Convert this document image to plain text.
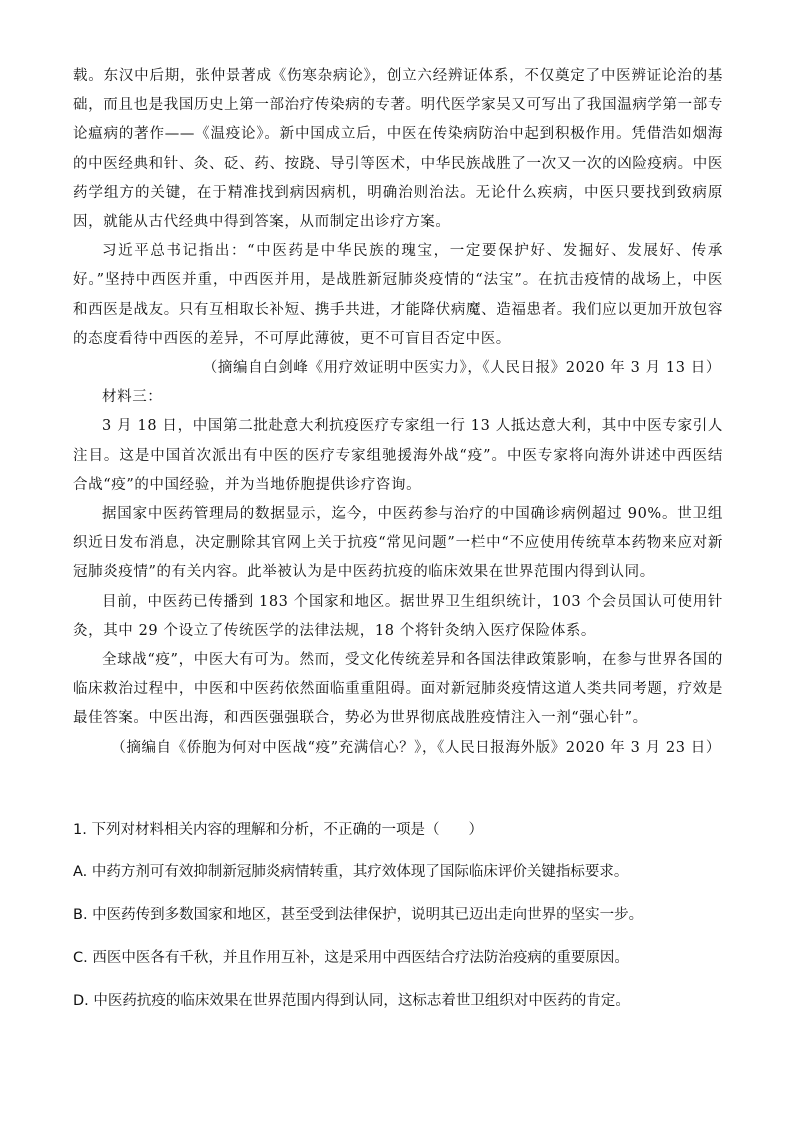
载。东汉中后期，张仲景著成《伤寒杂病论》，创立六经辨证体系，不仅奠定了中医辨证论治的基础，而且也是我国历史上第一部治疗传染病的专著。明代医学家吴又可写出了我国温病学第一部专论瘟病的著作——《温疫论》。新中国成立后，中医在传染病防治中起到积极作用。凭借浩如烟海的中医经典和针、灸、砭、药、按跷、导引等医术，中华民族战胜了一次又一次的凶险疫病。中医药学组方的关键，在于精准找到病因病机，明确治则治法。无论什么疾病，中医只要找到致病原因，就能从古代经典中得到答案，从而制定出诊疗方案。

习近平总书记指出：“中医药是中华民族的瑰宝，一定要保护好、发掘好、发展好、传承好。”坚持中西医并重，中西医并用，是战胜新冠肺炎疫情的“法宝”。在抗击疫情的战场上，中医和西医是战友。只有互相取长补短、携手共进，才能降伏病魔、造福患者。我们应以更加开放包容的态度看待中西医的差异，不可厚此薄彼，更不可盲目否定中医。

（摘编自白剑峰《用疗效证明中医实力》，《人民日报》2020 年 3 月 13 日）

材料三：

3 月 18 日，中国第二批赴意大利抗疫医疗专家组一行 13 人抵达意大利，其中中医专家引人注目。这是中国首次派出有中医的医疗专家组驰援海外战“疫”。中医专家将向海外讲述中西医结合战“疫”的中国经验，并为当地侨胞提供诊疗咨询。

据国家中医药管理局的数据显示，迄今，中医药参与治疗的中国确诊病例超过 90%。世卫组织近日发布消息，决定删除其官网上关于抗疫“常见问题”一栏中“不应使用传统草本药物来应对新冠肺炎疫情”的有关内容。此举被认为是中医药抗疫的临床效果在世界范围内得到认同。

目前，中医药已传播到 183 个国家和地区。据世界卫生组织统计，103 个会员国认可使用针灸，其中 29 个设立了传统医学的法律法规，18 个将针灸纳入医疗保险体系。

全球战“疫”，中医大有可为。然而，受文化传统差异和各国法律政策影响，在参与世界各国的临床救治过程中，中医和中医药依然面临重重阻碍。面对新冠肺炎疫情这道人类共同考题，疗效是最佳答案。中医出海，和西医强强联合，势必为世界彻底战胜疫情注入一剂“强心针”。

（摘编自《侨胞为何对中医战“疫”充满信心？》，《人民日报海外版》2020 年 3 月 23 日）

1. 下列对材料相关内容的理解和分析，不正确的一项是（　　）

A. 中药方剂可有效抑制新冠肺炎病情转重，其疗效体现了国际临床评价关键指标要求。

B. 中医药传到多数国家和地区，甚至受到法律保护，说明其已迈出走向世界的坚实一步。

C. 西医中医各有千秋，并且作用互补，这是采用中西医结合疗法防治疫病的重要原因。

D. 中医药抗疫的临床效果在世界范围内得到认同，这标志着世卫组织对中医药的肯定。
